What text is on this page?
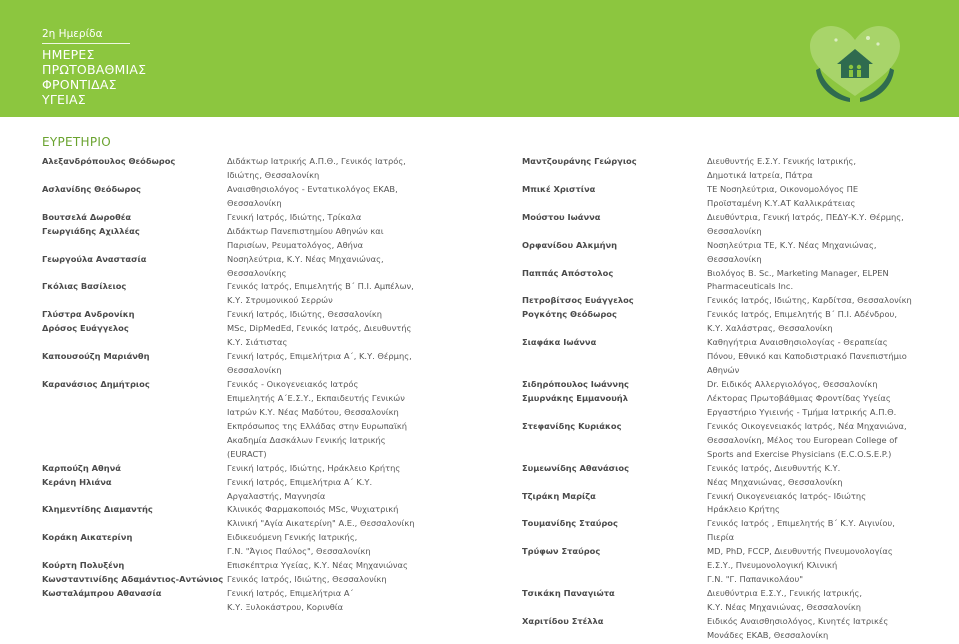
2η Ημερίδα
ΗΜΕΡΕΣ
ΠΡΩΤΟΒΑΘΜΙΑΣ
ΦΡΟΝΤΙΔΑΣ
ΥΓΕΙΑΣ
ΕΥΡΕΤΗΡΙΟ
Αλεξανδρόπουλος Θεόδωρος
Ασλανίδης Θεόδωρος
Βουτσελά Δωροθέα
Γεωργιάδης Αχιλλέας
Γεωργούλα Αναστασία
Γκόλιας Βασίλειος
Γλύστρα Ανδρονίκη
Δρόσος Ευάγγελος
Καπουσούζη Μαριάνθη
Καρανάσιος Δημήτριος
Καρπούζη Αθηνά
Κεράνη Ηλιάνα
Κλημεντίδης Διαμαντής
Κοράκη Αικατερίνη
Κούρτη Πολυξένη
Κωνσταντινίδης Αδαμάντιος-Αντώνιος
Κωσταλάμπρου Αθανασία
Διδάκτωρ Ιατρικής Α.Π.Θ., Γενικός Ιατρός,
Ιδιώτης, Θεσσαλονίκη
Αναισθησιολόγος - Εντατικολόγος ΕΚΑΒ,
Θεσσαλονίκη
Γενική Ιατρός, Ιδιώτης, Τρίκαλα
Διδάκτωρ Πανεπιστημίου Αθηνών και
Παρισίων, Ρευματολόγος, Αθήνα
Νοσηλεύτρια, Κ.Υ. Νέας Μηχανιώνας,
Θεσσαλονίκης
Γενικός Ιατρός, Επιμελητής Β΄ Π.Ι. Αμπέλων,
Κ.Υ. Στρυμονικού Σερρών
Γενική Ιατρός, Ιδιώτης, Θεσσαλονίκη
MSc, DipMedEd, Γενικός Ιατρός, Διευθυντής
Κ.Υ. Σιάτιστας
Γενική Ιατρός, Επιμελήτρια Α΄, Κ.Υ. Θέρμης,
Θεσσαλονίκη
Γενικός - Οικογενειακός Ιατρός
Επιμελητής Α΄Ε.Σ.Υ., Εκπαιδευτής Γενικών
Ιατρών Κ.Υ. Νέας Μαδύτου, Θεσσαλονίκη
Εκπρόσωπος της Ελλάδας στην Ευρωπαϊκή
Ακαδημία Δασκάλων Γενικής Ιατρικής
(EURACT)
Γενική Ιατρός, Ιδιώτης, Ηράκλειο Κρήτης
Γενική Ιατρός, Επιμελήτρια Α΄ Κ.Υ.
Αργαλαστής, Μαγνησία
Κλινικός Φαρμακοποιός MSc, Ψυχιατρική
Κλινική "Αγία Αικατερίνη" Α.Ε., Θεσσαλονίκη
Ειδικευόμενη Γενικής Ιατρικής,
Γ.Ν. "Άγιος Παύλος", Θεσσαλονίκη
Επισκέπτρια Υγείας, Κ.Υ. Νέας Μηχανιώνας
Γενικός Ιατρός, Ιδιώτης, Θεσσαλονίκη
Γενική Ιατρός, Επιμελήτρια Α΄
Κ.Υ. Ξυλοκάστρου, Κορινθία
Μαντζουράνης Γεώργιος
Μπικέ Χριστίνα
Μούστου Ιωάννα
Ορφανίδου Αλκμήνη
Παππάς Απόστολος
Πετροβίτσος Ευάγγελος
Ρογκότης Θεόδωρος
Σιαφάκα Ιωάννα
Σιδηρόπουλος Ιωάννης
Σμυρνάκης Εμμανουήλ
Στεφανίδης Κυριάκος
Συμεωνίδης Αθανάσιος
Τζιράκη Μαρίζα
Τουμανίδης Σταύρος
Τρύφων Σταύρος
Τσικάκη Παναγιώτα
Χαριτίδου Στέλλα
Διευθυντής Ε.Σ.Υ. Γενικής Ιατρικής,
Δημοτικά Ιατρεία, Πάτρα
ΤΕ Νοσηλεύτρια, Οικονομολόγος ΠΕ
Προϊσταμένη Κ.Υ.ΑΤ Καλλικράτειας
Διευθύντρια, Γενική Ιατρός, ΠΕΔΥ-Κ.Υ. Θέρμης,
Θεσσαλονίκη
Νοσηλεύτρια ΤΕ, Κ.Υ. Νέας Μηχανιώνας,
Θεσσαλονίκη
Βιολόγος Β. Sc., Marketing Manager, ELPEN
Pharmaceuticals Inc.
Γενικός Ιατρός, Ιδιώτης, Καρδίτσα, Θεσσαλονίκη
Γενικός Ιατρός, Επιμελητής Β΄ Π.Ι. Αδένδρου,
Κ.Υ. Χαλάστρας, Θεσσαλονίκη
Καθηγήτρια Αναισθησιολογίας - Θεραπείας
Πόνου, Εθνικό και Καποδιστριακό Πανεπιστήμιο
Αθηνών
Dr. Ειδικός Αλλεργιολόγος, Θεσσαλονίκη
Λέκτορας Πρωτοβάθμιας Φροντίδας Υγείας
Εργαστήριο Υγιεινής - Τμήμα Ιατρικής Α.Π.Θ.
Γενικός Οικογενειακός Ιατρός, Νέα Μηχανιώνα,
Θεσσαλονίκη, Μέλος του European College of
Sports and Exercise Physicians (E.C.O.S.E.P.)
Γενικός Ιατρός, Διευθυντής Κ.Υ.
Νέας Μηχανιώνας, Θεσσαλονίκη
Γενική Οικογενειακός Ιατρός- Ιδιώτης
Ηράκλειο Κρήτης
Γενικός Ιατρός , Επιμελητής Β΄ Κ.Υ. Αιγινίου,
Πιερία
MD, PhD, FCCP, Διευθυντής Πνευμονολογίας
Ε.Σ.Υ., Πνευμονολογική Κλινική
Γ.Ν. "Γ. Παπανικολάου"
Διευθύντρια Ε.Σ.Υ., Γενικής Ιατρικής,
Κ.Υ. Νέας Μηχανιώνας, Θεσσαλονίκη
Ειδικός Αναισθησιολόγος, Κινητές Ιατρικές
Μονάδες ΕΚΑΒ, Θεσσαλονίκη
